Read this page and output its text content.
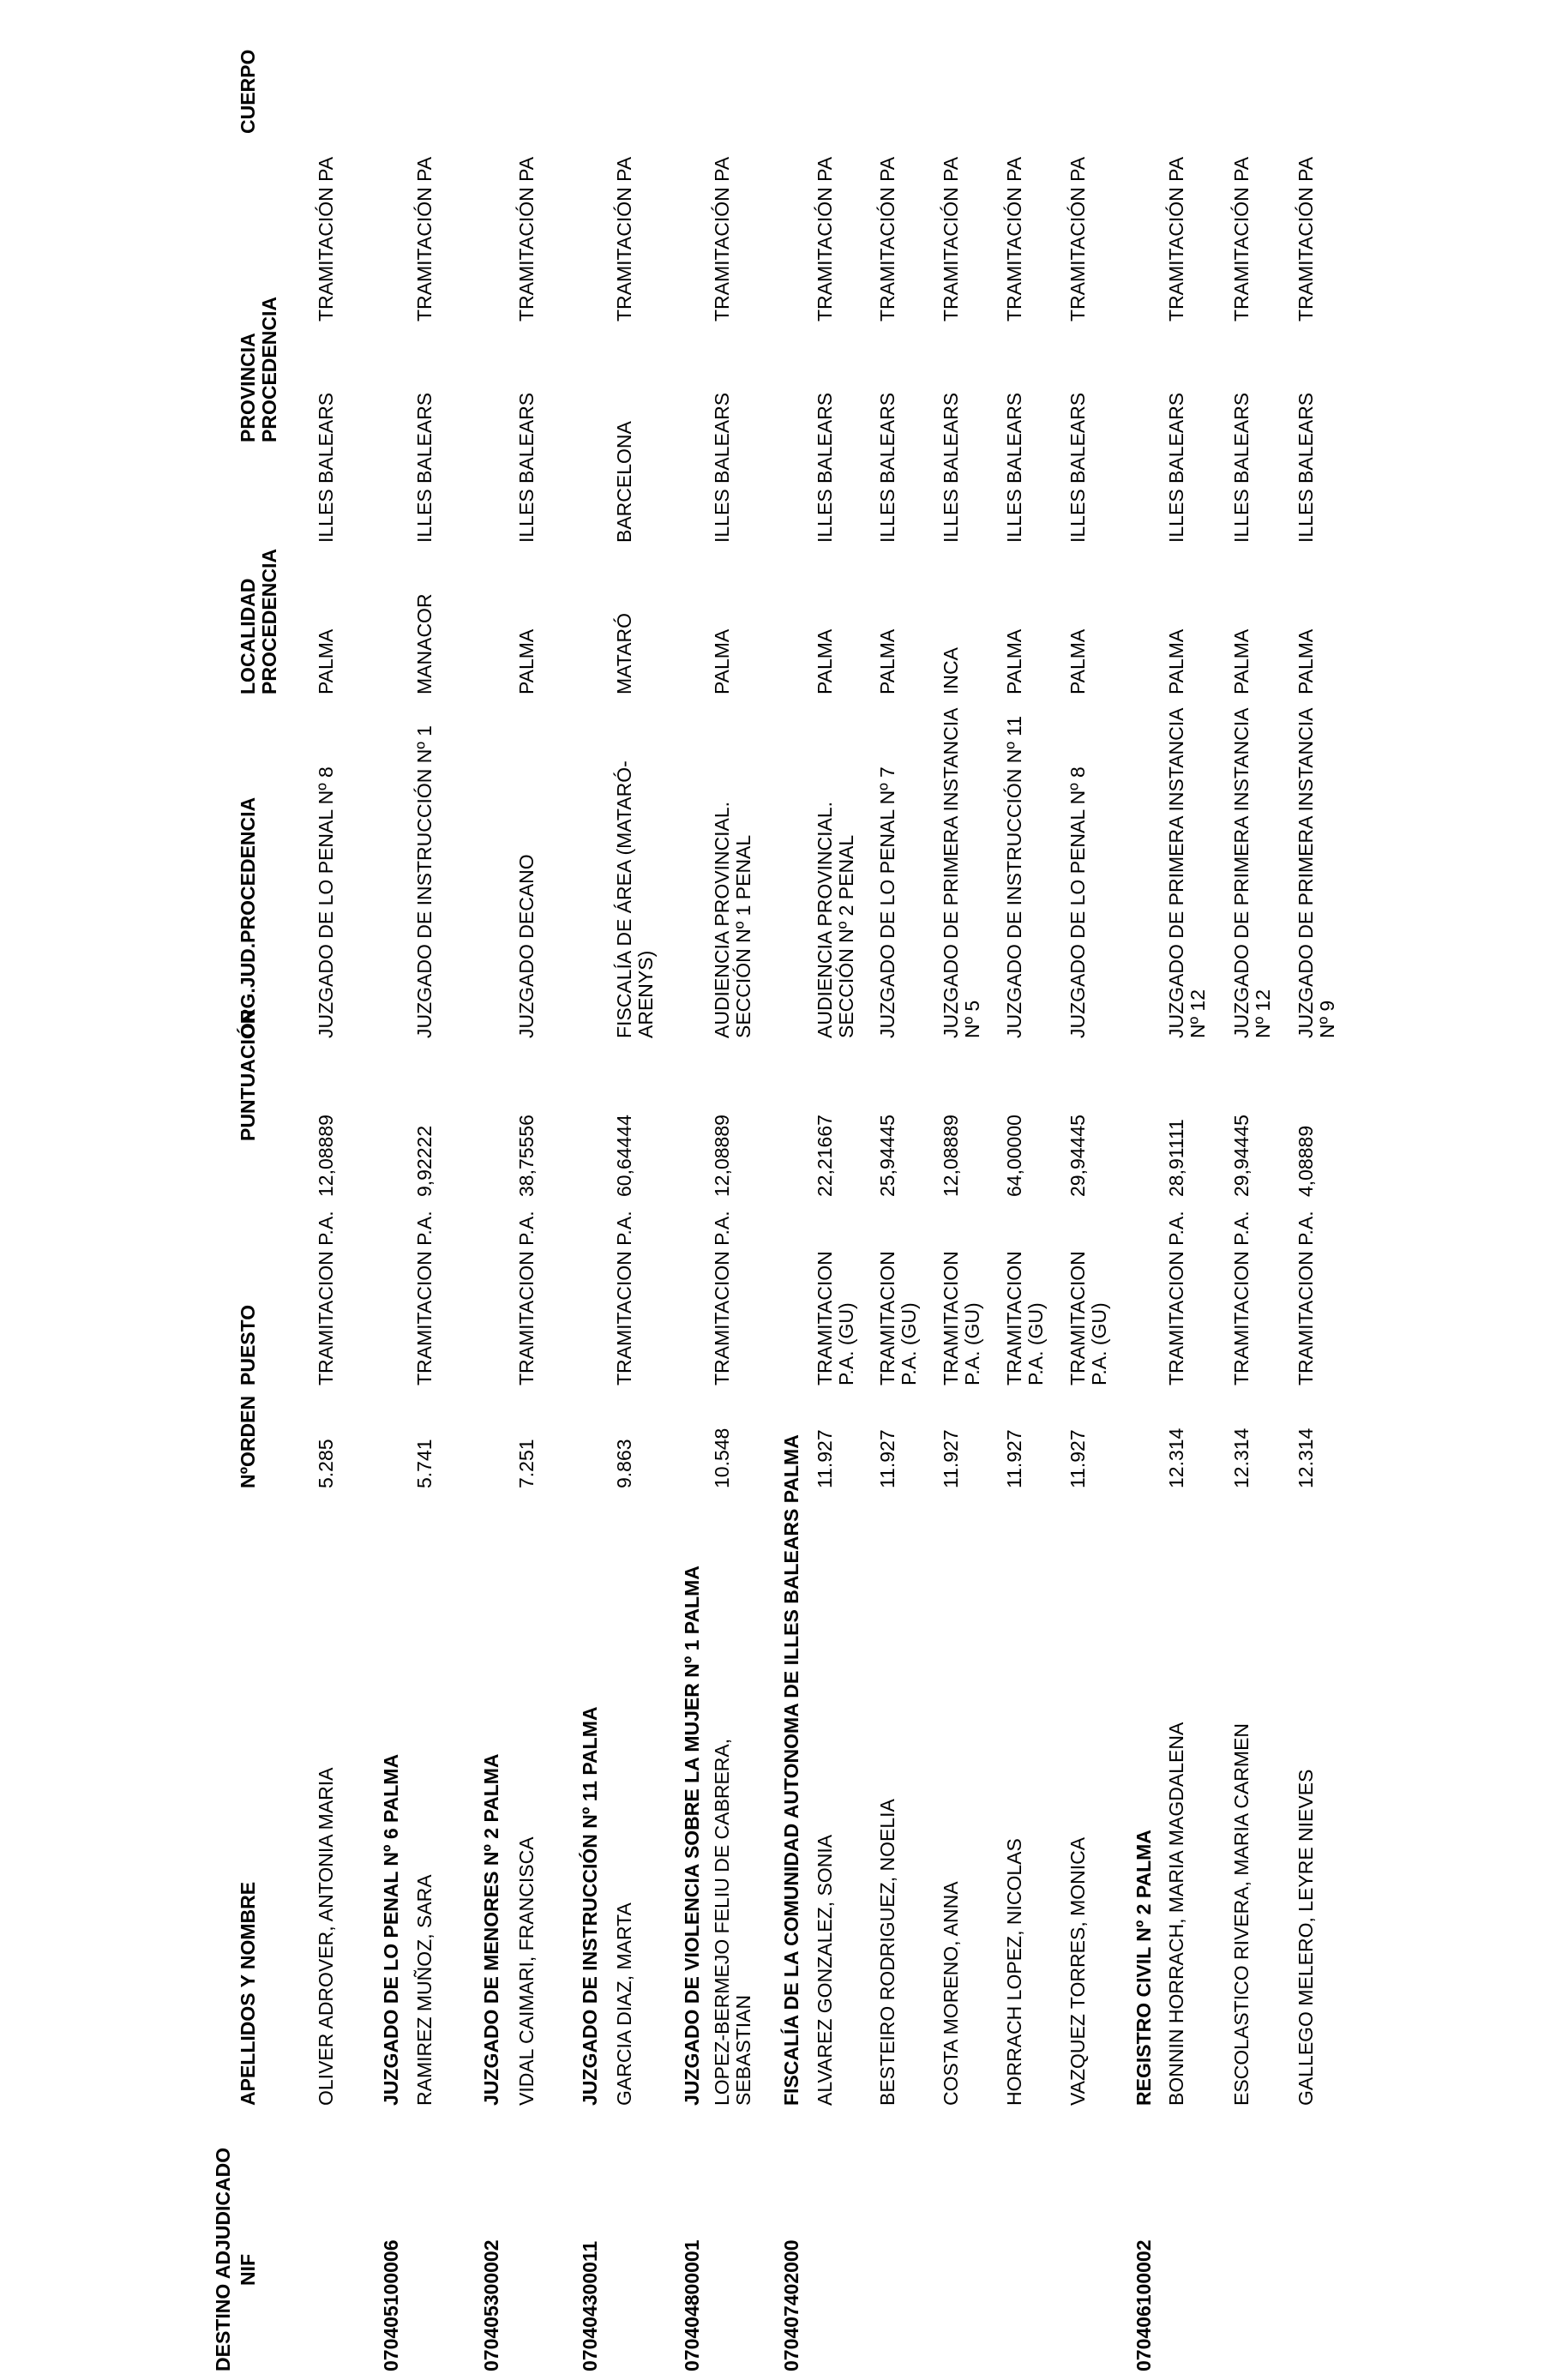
DESTINO ADJUDICADO NIF
APELLIDOS Y NOMBRE
NºORDEN
PUESTO
PUNTUACIÓN
ORG.JUD.PROCEDENCIA
LOCALIDAD PROCEDENCIA
PROVINCIA PROCEDENCIA
CUERPO
OLIVER ADROVER, ANTONIA MARIA
5.285
TRAMITACION P.A.
12,08889
JUZGADO DE LO PENAL Nº 8
PALMA
ILLES BALEARS
TRAMITACIÓN PA
070405100006
JUZGADO DE LO PENAL Nº 6 PALMA RAMIREZ MUÑOZ, SARA
5.741
TRAMITACION P.A.
9,92222
JUZGADO DE INSTRUCCIÓN Nº 1
MANACOR
ILLES BALEARS
TRAMITACIÓN PA
070405300002
JUZGADO DE MENORES Nº 2 PALMA VIDAL CAIMARI, FRANCISCA
7.251
TRAMITACION P.A.
38,75556
JUZGADO DECANO
PALMA
ILLES BALEARS
TRAMITACIÓN PA
070404300011
JUZGADO DE INSTRUCCIÓN Nº 11 PALMA GARCIA DIAZ, MARTA
9.863
TRAMITACION P.A.
60,64444
FISCALÍA DE ÁREA (MATARÓ-ARENYS)
MATARÓ
BARCELONA
TRAMITACIÓN PA
070404800001
JUZGADO DE VIOLENCIA SOBRE LA MUJER Nº 1 PALMA LOPEZ-BERMEJO FELIU DE CABRERA, SEBASTIAN
10.548
TRAMITACION P.A.
12,08889
AUDIENCIA PROVINCIAL. SECCIÓN Nº 1 PENAL
PALMA
ILLES BALEARS
TRAMITACIÓN PA
070407402000
FISCALÍA DE LA COMUNIDAD AUTONOMA DE ILLES BALEARS PALMA ALVAREZ GONZALEZ, SONIA
11.927
TRAMITACION P.A. (GU)
22,21667
AUDIENCIA PROVINCIAL. SECCIÓN Nº 2 PENAL
PALMA
ILLES BALEARS
TRAMITACIÓN PA
BESTEIRO RODRIGUEZ, NOELIA
11.927
TRAMITACION P.A. (GU)
25,94445
JUZGADO DE LO PENAL Nº 7
PALMA
ILLES BALEARS
TRAMITACIÓN PA
COSTA MORENO, ANNA
11.927
TRAMITACION P.A. (GU)
12,08889
JUZGADO DE PRIMERA INSTANCIA Nº 5
INCA
ILLES BALEARS
TRAMITACIÓN PA
HORRACH LOPEZ, NICOLAS
11.927
TRAMITACION P.A. (GU)
64,00000
JUZGADO DE INSTRUCCIÓN Nº 11
PALMA
ILLES BALEARS
TRAMITACIÓN PA
VAZQUEZ TORRES, MONICA
11.927
TRAMITACION P.A. (GU)
29,94445
JUZGADO DE LO PENAL Nº 8
PALMA
ILLES BALEARS
TRAMITACIÓN PA
070406100002
REGISTRO CIVIL Nº 2 PALMA BONNIN HORRACH, MARIA MAGDALENA
12.314
TRAMITACION P.A.
28,91111
JUZGADO DE PRIMERA INSTANCIA Nº 12
PALMA
ILLES BALEARS
TRAMITACIÓN PA
ESCOLASTICO RIVERA, MARIA CARMEN
12.314
TRAMITACION P.A.
29,94445
JUZGADO DE PRIMERA INSTANCIA Nº 12
PALMA
ILLES BALEARS
TRAMITACIÓN PA
GALLEGO MELERO, LEYRE NIEVES
12.314
TRAMITACION P.A.
4,08889
JUZGADO DE PRIMERA INSTANCIA Nº 9
PALMA
ILLES BALEARS
TRAMITACIÓN PA
